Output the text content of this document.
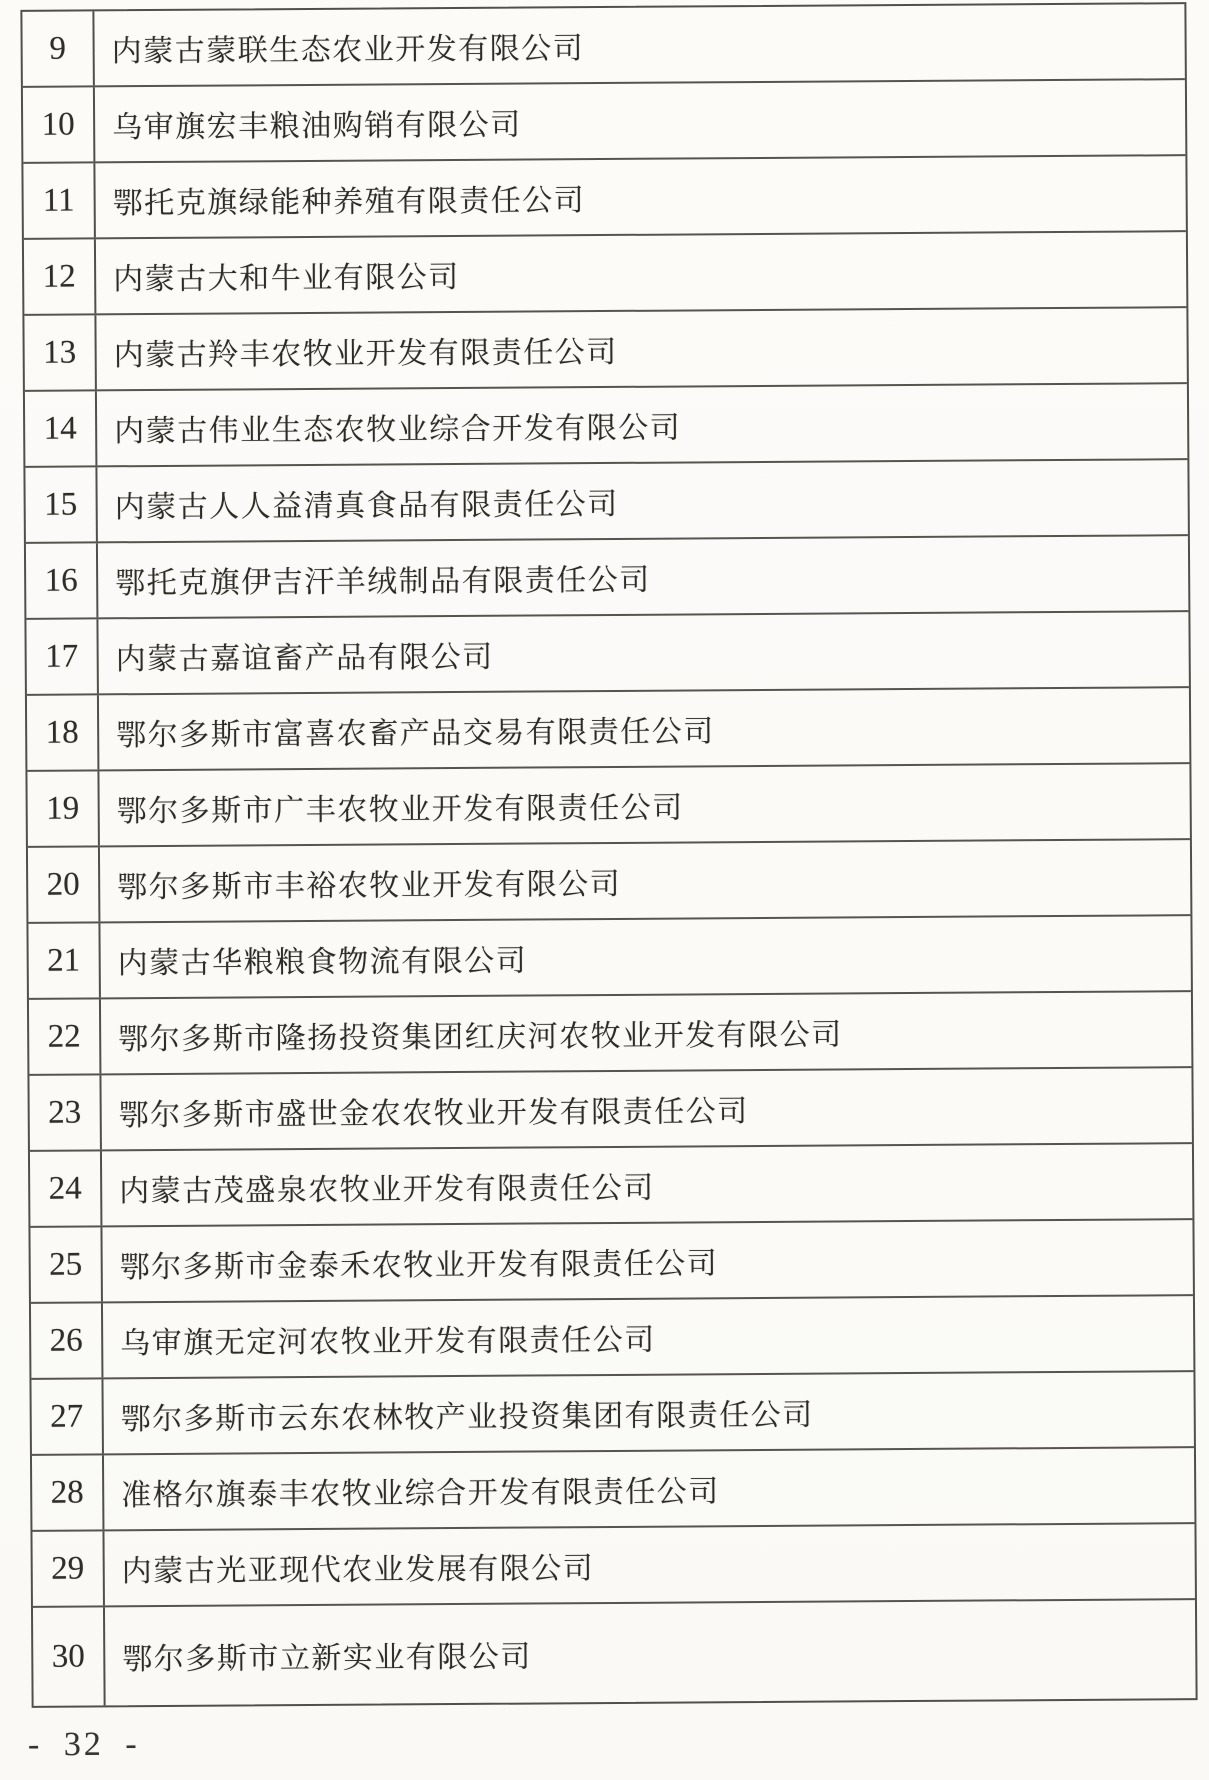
9 内蒙古蒙联生态农业开发有限公司
10 乌审旗宏丰粮油购销有限公司
11 鄂托克旗绿能种养殖有限责任公司
12 内蒙古大和牛业有限公司
13 内蒙古羚丰农牧业开发有限责任公司
14 内蒙古伟业生态农牧业综合开发有限公司
15 内蒙古人人益清真食品有限责任公司
16 鄂托克旗伊吉汗羊绒制品有限责任公司
17 内蒙古嘉谊畜产品有限公司
18 鄂尔多斯市富喜农畜产品交易有限责任公司
19 鄂尔多斯市广丰农牧业开发有限责任公司
20 鄂尔多斯市丰裕农牧业开发有限公司
21 内蒙古华粮粮食物流有限公司
22 鄂尔多斯市隆扬投资集团红庆河农牧业开发有限公司
23 鄂尔多斯市盛世金农农牧业开发有限责任公司
24 内蒙古茂盛泉农牧业开发有限责任公司
25 鄂尔多斯市金泰禾农牧业开发有限责任公司
26 乌审旗无定河农牧业开发有限责任公司
27 鄂尔多斯市云东农林牧产业投资集团有限责任公司
28 准格尔旗泰丰农牧业综合开发有限责任公司
29 内蒙古光亚现代农业发展有限公司
30 鄂尔多斯市立新实业有限公司
- 32 -
